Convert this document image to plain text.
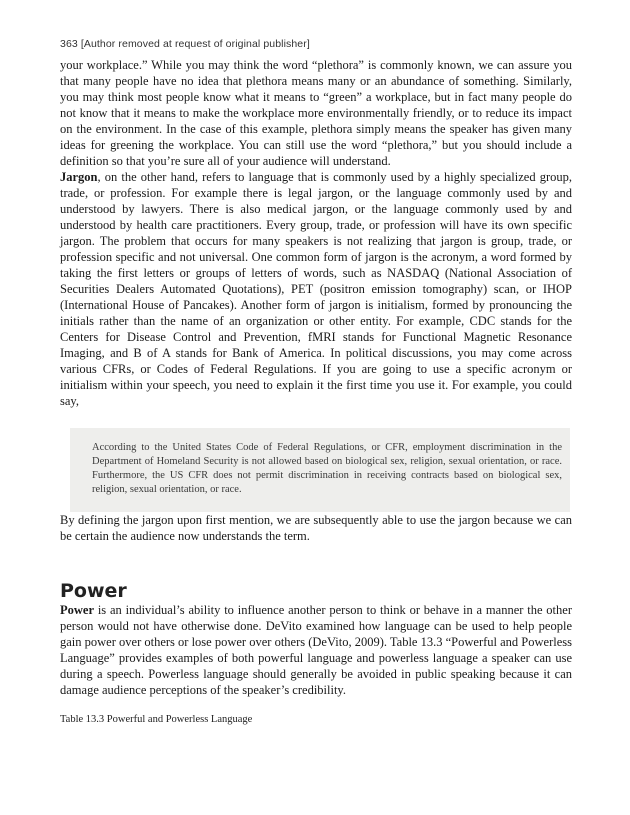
363 [Author removed at request of original publisher]

your workplace.” While you may think the word “plethora” is commonly known, we can assure you that many people have no idea that plethora means many or an abundance of something. Similarly, you may think most people know what it means to “green” a workplace, but in fact many people do not know that it means to make the workplace more environmentally friendly, or to reduce its impact on the environment. In the case of this example, plethora simply means the speaker has given many ideas for greening the workplace. You can still use the word “plethora,” but you should include a definition so that you’re sure all of your audience will understand.

Jargon, on the other hand, refers to language that is commonly used by a highly specialized group, trade, or profession. For example there is legal jargon, or the language commonly used by and understood by lawyers. There is also medical jargon, or the language commonly used by and understood by health care practitioners. Every group, trade, or profession will have its own specific jargon. The problem that occurs for many speakers is not realizing that jargon is group, trade, or profession specific and not universal. One common form of jargon is the acronym, a word formed by taking the first letters or groups of letters of words, such as NASDAQ (National Association of Securities Dealers Automated Quotations), PET (positron emission tomography) scan, or IHOP (International House of Pancakes). Another form of jargon is initialism, formed by pronouncing the initials rather than the name of an organization or other entity. For example, CDC stands for the Centers for Disease Control and Prevention, fMRI stands for Functional Magnetic Resonance Imaging, and B of A stands for Bank of America. In political discussions, you may come across various CFRs, or Codes of Federal Regulations. If you are going to use a specific acronym or initialism within your speech, you need to explain it the first time you use it. For example, you could say,

According to the United States Code of Federal Regulations, or CFR, employment discrimination in the Department of Homeland Security is not allowed based on biological sex, religion, sexual orientation, or race. Furthermore, the US CFR does not permit discrimination in receiving contracts based on biological sex, religion, sexual orientation, or race.

By defining the jargon upon first mention, we are subsequently able to use the jargon because we can be certain the audience now understands the term.

Power

Power is an individual’s ability to influence another person to think or behave in a manner the other person would not have otherwise done. DeVito examined how language can be used to help people gain power over others or lose power over others (DeVito, 2009). Table 13.3 “Powerful and Powerless Language” provides examples of both powerful language and powerless language a speaker can use during a speech. Powerless language should generally be avoided in public speaking because it can damage audience perceptions of the speaker’s credibility.

Table 13.3 Powerful and Powerless Language
